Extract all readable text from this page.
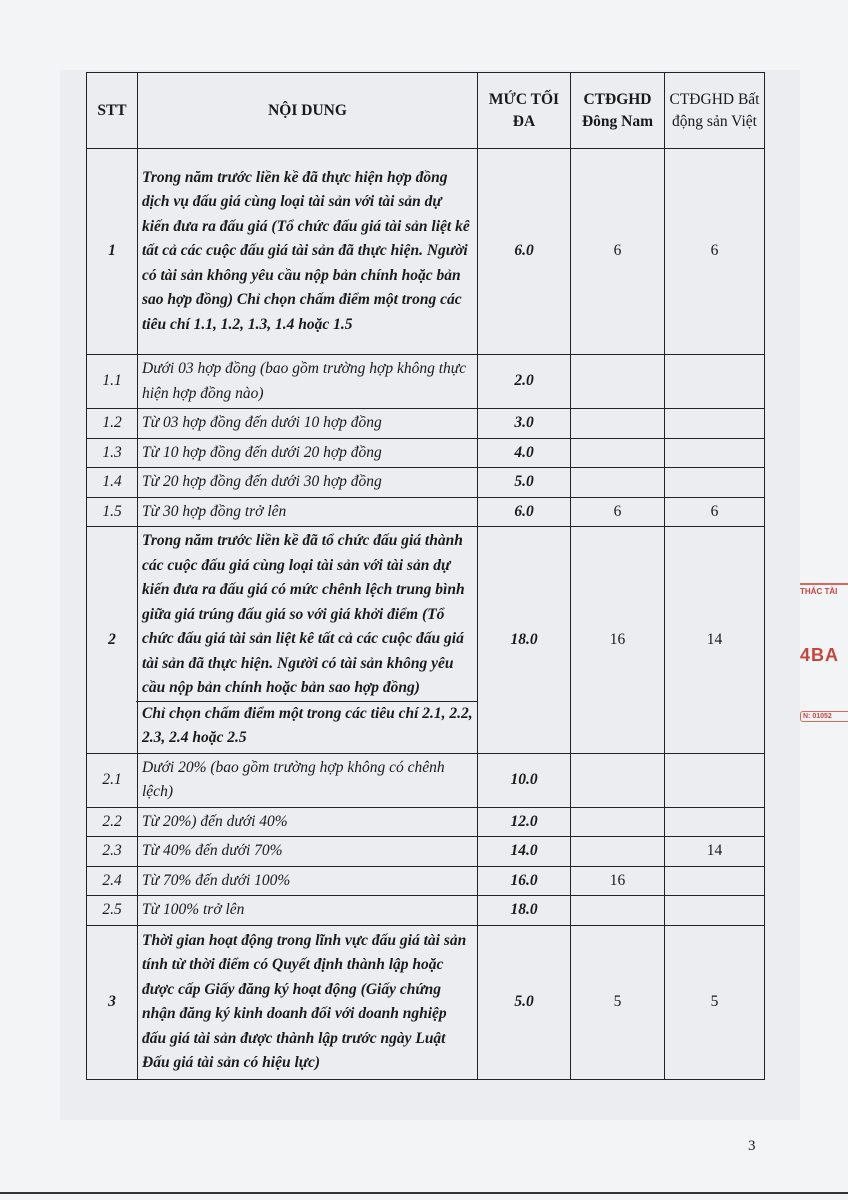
STT	NỘI DUNG	MỨC TỐI ĐA	CTĐGHD Đông Nam	CTĐGHD Bất động sản Việt
1	Trong năm trước liền kề đã thực hiện hợp đồng dịch vụ đấu giá cùng loại tài sản với tài sản dự kiến đưa ra đấu giá (Tổ chức đấu giá tài sản liệt kê tất cả các cuộc đấu giá tài sản đã thực hiện. Người có tài sản không yêu cầu nộp bản chính hoặc bản sao hợp đồng) Chỉ chọn chấm điểm một trong các tiêu chí 1.1, 1.2, 1.3, 1.4 hoặc 1.5	6.0	6	6
1.1	Dưới 03 hợp đồng (bao gồm trường hợp không thực hiện hợp đồng nào)	2.0		
1.2	Từ 03 hợp đồng đến dưới 10 hợp đồng	3.0		
1.3	Từ 10 hợp đồng đến dưới 20 hợp đồng	4.0		
1.4	Từ 20 hợp đồng đến dưới 30 hợp đồng	5.0		
1.5	Từ 30 hợp đồng trở lên	6.0	6	6
2	Trong năm trước liền kề đã tổ chức đấu giá thành các cuộc đấu giá cùng loại tài sản với tài sản dự kiến đưa ra đấu giá có mức chênh lệch trung bình giữa giá trúng đấu giá so với giá khởi điểm (Tổ chức đấu giá tài sản liệt kê tất cả các cuộc đấu giá tài sản đã thực hiện. Người có tài sản không yêu cầu nộp bản chính hoặc bản sao hợp đồng)
Chỉ chọn chấm điểm một trong các tiêu chí 2.1, 2.2, 2.3, 2.4 hoặc 2.5	18.0	16	14
2.1	Dưới 20% (bao gồm trường hợp không có chênh lệch)	10.0		
2.2	Từ 20%) đến dưới 40%	12.0		
2.3	Từ 40% đến dưới 70%	14.0		14
2.4	Từ 70% đến dưới 100%	16.0	16	
2.5	Từ 100% trở lên	18.0		
3	Thời gian hoạt động trong lĩnh vực đấu giá tài sản tính từ thời điểm có Quyết định thành lập hoặc được cấp Giấy đăng ký hoạt động (Giấy chứng nhận đăng ký kinh doanh đối với doanh nghiệp đấu giá tài sản được thành lập trước ngày Luật Đấu giá tài sản có hiệu lực)	5.0	5	5
THÁC TÀI
4BA
N: 01052
3
